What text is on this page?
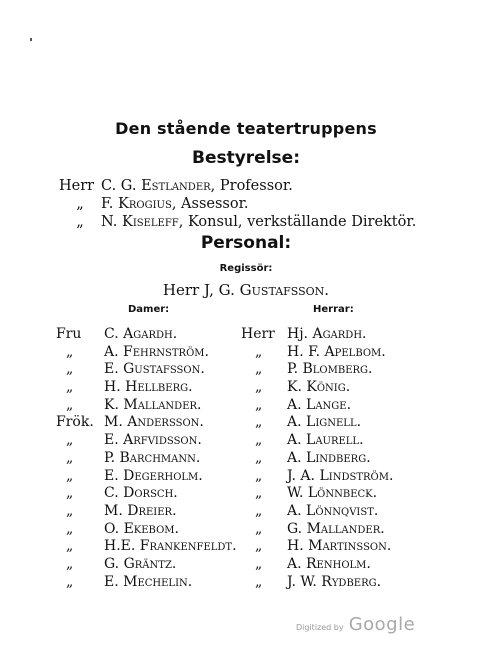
Den stående teatertruppens
Bestyrelse:
Herr C. G. Estlander, Professor.
„ F. Krogius, Assessor.
„ N. Kiseleff, Konsul, verkställande Direktör.
Personal:
Regissör:
Herr J, G. Gustafsson.
Damer:	Herrar:
Fru C. Agardh.
„ A. Fehrnström.
„ E. Gustafsson.
„ H. Hellberg.
„ K. Mallander.
Frök. M. Andersson.
„ E. Arfvidsson.
„ P. Barchmann.
„ E. Degerholm.
„ C. Dorsch.
„ M. Dreier.
„ O. Ekebom.
„ H.E. Frankenfeldt.
„ G. Gräntz.
„ E. Mechelin.
Herr Hj. Agardh.
„ H. F. Apelbom.
„ P. Blomberg.
„ K. König.
„ A. Lange.
„ A. Lignell.
„ A. Laurell.
„ A. Lindberg.
„ J. A. Lindström.
„ W. Lönnbeck.
„ A. Lönnqvist.
„ G. Mallander.
„ H. Martinsson.
„ A. Renholm.
„ J. W. Rydberg.
Digitized by Google
